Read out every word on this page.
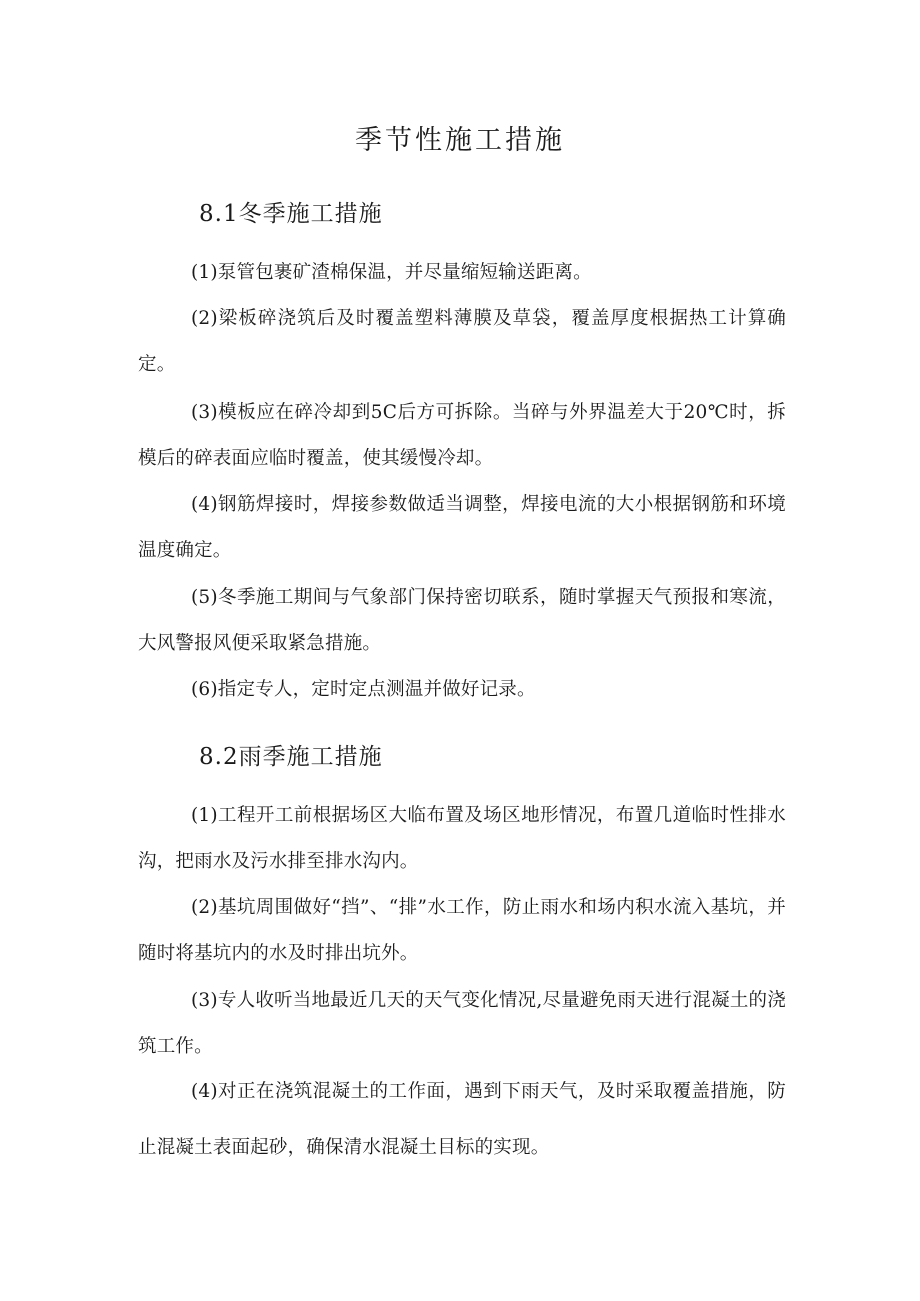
季节性施工措施
8.1冬季施工措施

(1)泵管包裹矿渣棉保温，并尽量缩短输送距离。

(2)梁板碎浇筑后及时覆盖塑料薄膜及草袋，覆盖厚度根据热工计算确定。

(3)模板应在碎冷却到5C后方可拆除。当碎与外界温差大于20℃时，拆模后的碎表面应临时覆盖，使其缓慢冷却。

(4)钢筋焊接时，焊接参数做适当调整，焊接电流的大小根据钢筋和环境温度确定。

(5)冬季施工期间与气象部门保持密切联系，随时掌握天气预报和寒流，大风警报风便采取紧急措施。

(6)指定专人，定时定点测温并做好记录。

8.2雨季施工措施

(1)工程开工前根据场区大临布置及场区地形情况，布置几道临时性排水沟，把雨水及污水排至排水沟内。

(2)基坑周围做好“挡”、“排”水工作，防止雨水和场内积水流入基坑，并随时将基坑内的水及时排出坑外。

(3)专人收听当地最近几天的天气变化情况,尽量避免雨天进行混凝土的浇筑工作。

(4)对正在浇筑混凝土的工作面，遇到下雨天气，及时采取覆盖措施，防止混凝土表面起砂，确保清水混凝土目标的实现。
